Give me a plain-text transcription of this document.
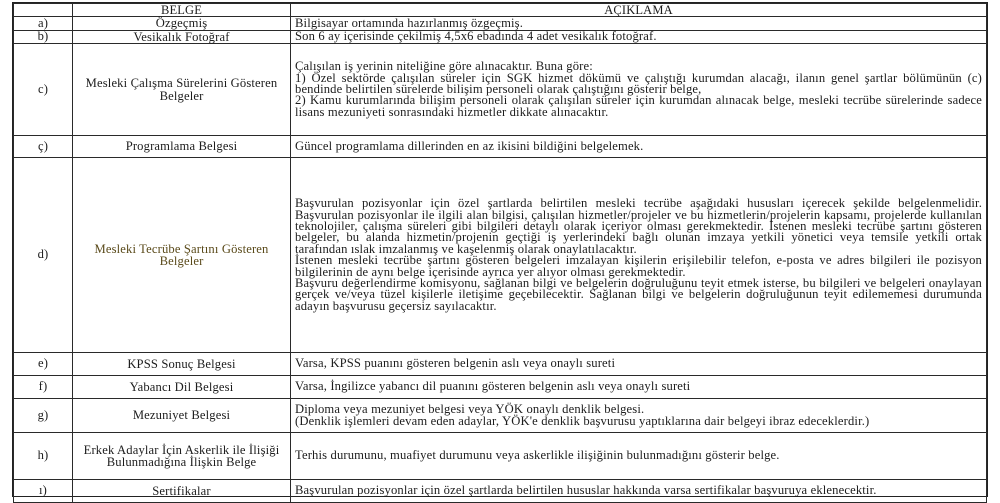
	BELGE	AÇIKLAMA
a)	Özgeçmiş	Bilgisayar ortamında hazırlanmış özgeçmiş.

b)	Vesikalık Fotoğraf	Son 6 ay içerisinde çekilmiş 4,5x6 ebadında 4 adet vesikalık fotoğraf.

c)	Mesleki Çalışma Sürelerini Gösteren Belgeler	Çalışılan iş yerinin niteliğine göre alınacaktır. Buna göre:
1) Özel sektörde çalışılan süreler için SGK hizmet dökümü ve çalıştığı kurumdan alacağı, ilanın genel şartlar bölümünün (c) bendinde belirtilen sürelerde bilişim personeli olarak çalıştığını gösterir belge,
2) Kamu kurumlarında bilişim personeli olarak çalışılan süreler için kurumdan alınacak belge, mesleki tecrübe sürelerinde sadece lisans mezuniyeti sonrasındaki hizmetler dikkate alınacaktır.

ç)	Programlama Belgesi	Güncel programlama dillerinden en az ikisini bildiğini belgelemek.

d)	Mesleki Tecrübe Şartını Gösteren Belgeler	Başvurulan pozisyonlar için özel şartlarda belirtilen mesleki tecrübe aşağıdaki hususları içerecek şekilde belgelenmelidir. Başvurulan pozisyonlar ile ilgili alan bilgisi, çalışılan hizmetler/projeler ve bu hizmetlerin/projelerin kapsamı, projelerde kullanılan teknolojiler, çalışma süreleri gibi bilgileri detaylı olarak içeriyor olması gerekmektedir. İstenen mesleki tecrübe şartını gösteren belgeler, bu alanda hizmetin/projenin geçtiği iş yerlerindeki bağlı olunan imzaya yetkili yönetici veya temsile yetkili ortak tarafından ıslak imzalanmış ve kaşelenmiş olarak onaylatılacaktır.
İstenen mesleki tecrübe şartını gösteren belgeleri imzalayan kişilerin erişilebilir telefon, e-posta ve adres bilgileri ile pozisyon bilgilerinin de aynı belge içerisinde ayrıca yer alıyor olması gerekmektedir.
Başvuru değerlendirme komisyonu, sağlanan bilgi ve belgelerin doğruluğunu teyit etmek isterse, bu bilgileri ve belgeleri onaylayan gerçek ve/veya tüzel kişilerle iletişime geçebilecektir. Sağlanan bilgi ve belgelerin doğruluğunun teyit edilememesi durumunda adayın başvurusu geçersiz sayılacaktır.

e)	KPSS Sonuç Belgesi	Varsa, KPSS puanını gösteren belgenin aslı veya onaylı sureti

f)	Yabancı Dil Belgesi	Varsa, İngilizce yabancı dil puanını gösteren belgenin aslı veya onaylı sureti

g)	Mezuniyet Belgesi	Diploma veya mezuniyet belgesi veya YÖK onaylı denklik belgesi.
(Denklik işlemleri devam eden adaylar, YÖK'e denklik başvurusu yaptıklarına dair belgeyi ibraz edeceklerdir.)

h)	Erkek Adaylar İçin Askerlik ile İlişiği Bulunmadığına İlişkin Belge	Terhis durumunu, muafiyet durumunu veya askerlikle ilişiğinin bulunmadığını gösterir belge.

ı)	Sertifikalar	Başvurulan pozisyonlar için özel şartlarda belirtilen hususlar hakkında varsa sertifikalar başvuruya eklenecektir.
